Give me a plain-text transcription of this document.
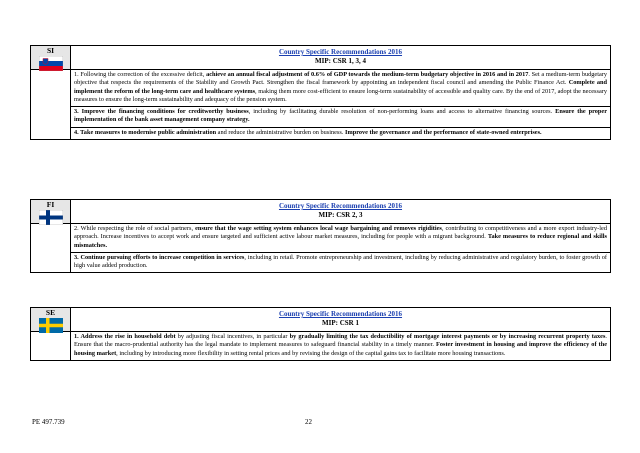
SI	Country Specific Recommendations 2016
MIP: CSR 1, 3, 4
1. Following the correction of the excessive deficit, achieve an annual fiscal adjustment of 0.6% of GDP towards the medium-term budgetary objective in 2016 and in 2017. Set a medium-term budgetary objective that respects the requirements of the Stability and Growth Pact. Strengthen the fiscal framework by appointing an independent fiscal council and amending the Public Finance Act. Complete and implement the reform of the long-term care and healthcare systems, making them more cost-efficient to ensure long-term sustainability of accessible and quality care. By the end of 2017, adopt the necessary measures to ensure the long-term sustainability and adequacy of the pension system.
3. Improve the financing conditions for creditworthy business, including by facilitating durable resolution of non-performing loans and access to alternative financing sources. Ensure the proper implementation of the bank asset management company strategy.
4. Take measures to modernise public administration and reduce the administrative burden on business. Improve the governance and the performance of state-owned enterprises.
FI	Country Specific Recommendations 2016
MIP: CSR 2, 3
2. While respecting the role of social partners, ensure that the wage setting system enhances local wage bargaining and removes rigidities, contributing to competitiveness and a more export industry-led approach. Increase incentives to accept work and ensure targeted and sufficient active labour market measures, including for people with a migrant background. Take measures to reduce regional and skills mismatches.
3. Continue pursuing efforts to increase competition in services, including in retail. Promote entrepreneurship and investment, including by reducing administrative and regulatory burden, to foster growth of high value added production.
SE	Country Specific Recommendations 2016
MIP: CSR 1
1. Address the rise in household debt by adjusting fiscal incentives, in particular by gradually limiting the tax deductibility of mortgage interest payments or by increasing recurrent property taxes. Ensure that the macro-prudential authority has the legal mandate to implement measures to safeguard financial stability in a timely manner. Foster investment in housing and improve the efficiency of the housing market, including by introducing more flexibility in setting rental prices and by revising the design of the capital gains tax to facilitate more housing transactions.
PE 497.739	22
